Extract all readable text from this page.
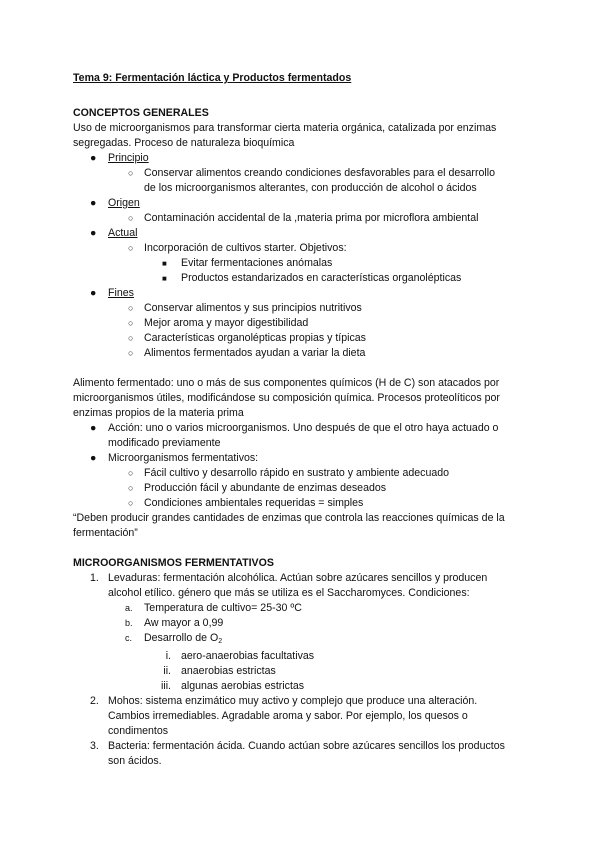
Tema 9: Fermentación láctica y Productos fermentados

CONCEPTOS GENERALES

Uso de microorganismos para transformar cierta materia orgánica, catalizada por enzimas

segregadas. Proceso de naturaleza bioquímica

● Principio
○ Conservar alimentos creando condiciones desfavorables para el desarrollo

de los microorganismos alterantes, con producción de alcohol o ácidos

● Origen
○ Contaminación accidental de la ,materia prima por microflora ambiental
● Actual
○ Incorporación de cultivos starter. Objetivos:
■ Evitar fermentaciones anómalas
■ Productos estandarizados en características organolépticas
● Fines
○ Conservar alimentos y sus principios nutritivos
○ Mejor aroma y mayor digestibilidad
○ Características organolépticas propias y típicas
○ Alimentos fermentados ayudan a variar la dieta

Alimento fermentado: uno o más de sus componentes químicos (H de C) son atacados por

microorganismos útiles, modificándose su composición química. Procesos proteolíticos por

enzimas propios de la materia prima

● Acción: uno o varios microorganismos. Uno después de que el otro haya actuado o

modificado previamente

● Microorganismos fermentativos:
○ Fácil cultivo y desarrollo rápido en sustrato y ambiente adecuado
○ Producción fácil y abundante de enzimas deseados
○ Condiciones ambientales requeridas = simples

“Deben producir grandes cantidades de enzimas que controla las reacciones químicas de la

fermentación”

MICROORGANISMOS FERMENTATIVOS

1. Levaduras: fermentación alcohólica. Actúan sobre azúcares sencillos y producen

alcohol etílico. género que más se utiliza es el Saccharomyces. Condiciones:

a. Temperatura de cultivo= 25-30 ºC
b. Aw mayor a 0,99
c. Desarrollo de $O_2$
i. aero-anaerobias facultativas
ii. anaerobias estrictas
iii. algunas aerobias estrictas
2. Mohos: sistema enzimático muy activo y complejo que produce una alteración.

Cambios irremediables. Agradable aroma y sabor. Por ejemplo, los quesos o

condimentos

3. Bacteria: fermentación ácida. Cuando actúan sobre azúcares sencillos los productos

son ácidos.
